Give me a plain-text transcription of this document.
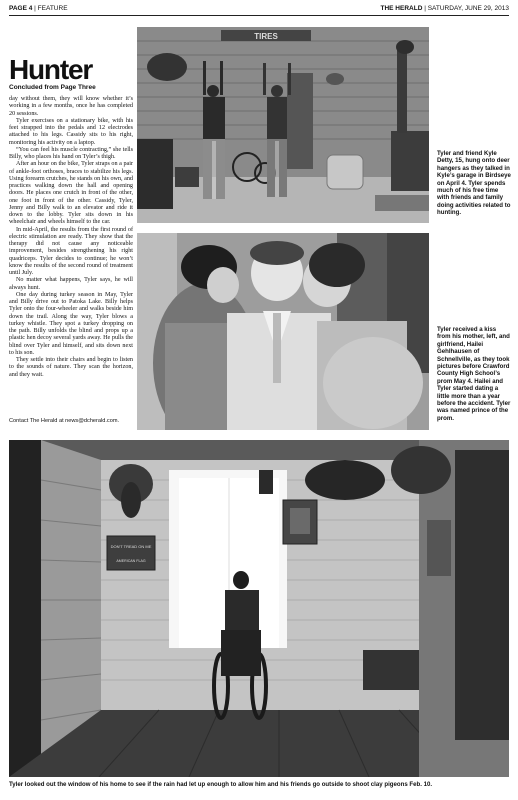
PAGE 4 | FEATURE	THE HERALD | SATURDAY, JUNE 29, 2013
Hunter
Concluded from Page Three

day without them, they will know whether it’s working in a few months, once he has completed 20 sessions.

Tyler exercises on a stationary bike, with his feet strapped into the pedals and 12 electrodes attached to his legs. Cassidy sits to his right, monitoring his activity on a laptop.

“You can feel his muscle contracting,” she tells Billy, who places his hand on Tyler’s thigh.

After an hour on the bike, Tyler straps on a pair of ankle-foot orthoses, braces to stabilize his legs. Using forearm crutches, he stands on his own, and practices walking down the hall and opening doors. He places one crutch in front of the other, one foot in front of the other. Cassidy, Tyler, Jenny and Billy walk to an elevator and ride it down to the lobby. Tyler sits down in his wheelchair and wheels himself to the car.

In mid-April, the results from the first round of electric stimulation are ready. They show that the therapy did not cause any noticeable improvement, besides strengthening his right quadriceps. Tyler decides to continue; he won’t know the results of the second round of treatment until July.

No matter what happens, Tyler says, he will always hunt.

One day during turkey season in May, Tyler and Billy drive out to Patoka Lake. Billy helps Tyler onto the four-wheeler and walks beside him down the trail. Along the way, Tyler blows a turkey whistle. They spot a turkey dropping on the path. Billy unfolds the blind and props up a plastic hen decoy several yards away. He pulls the blind over Tyler and himself, and sits down next to his son.

They settle into their chairs and begin to listen to the sounds of nature. They scan the horizon, and they wait.

Contact The Herald at news@dcherald.com.
TIRES
DON'T TREAD ON ME
AMERICAN FLAG
Tyler and friend Kyle Detty, 15, hung onto deer hangers as they talked in Kyle’s garage in Birdseye on April 4. Tyler spends much of his free time with friends and family doing activities related to hunting.
Tyler received a kiss from his mother, left, and girlfriend, Hailei Gehlhausen of Schnellville, as they took pictures before Crawford County High School’s prom May 4. Hailei and Tyler started dating a little more than a year before the accident. Tyler was named prince of the prom.
Tyler looked out the window of his home to see if the rain had let up enough to allow him and his friends go outside to shoot clay pigeons Feb. 10.
